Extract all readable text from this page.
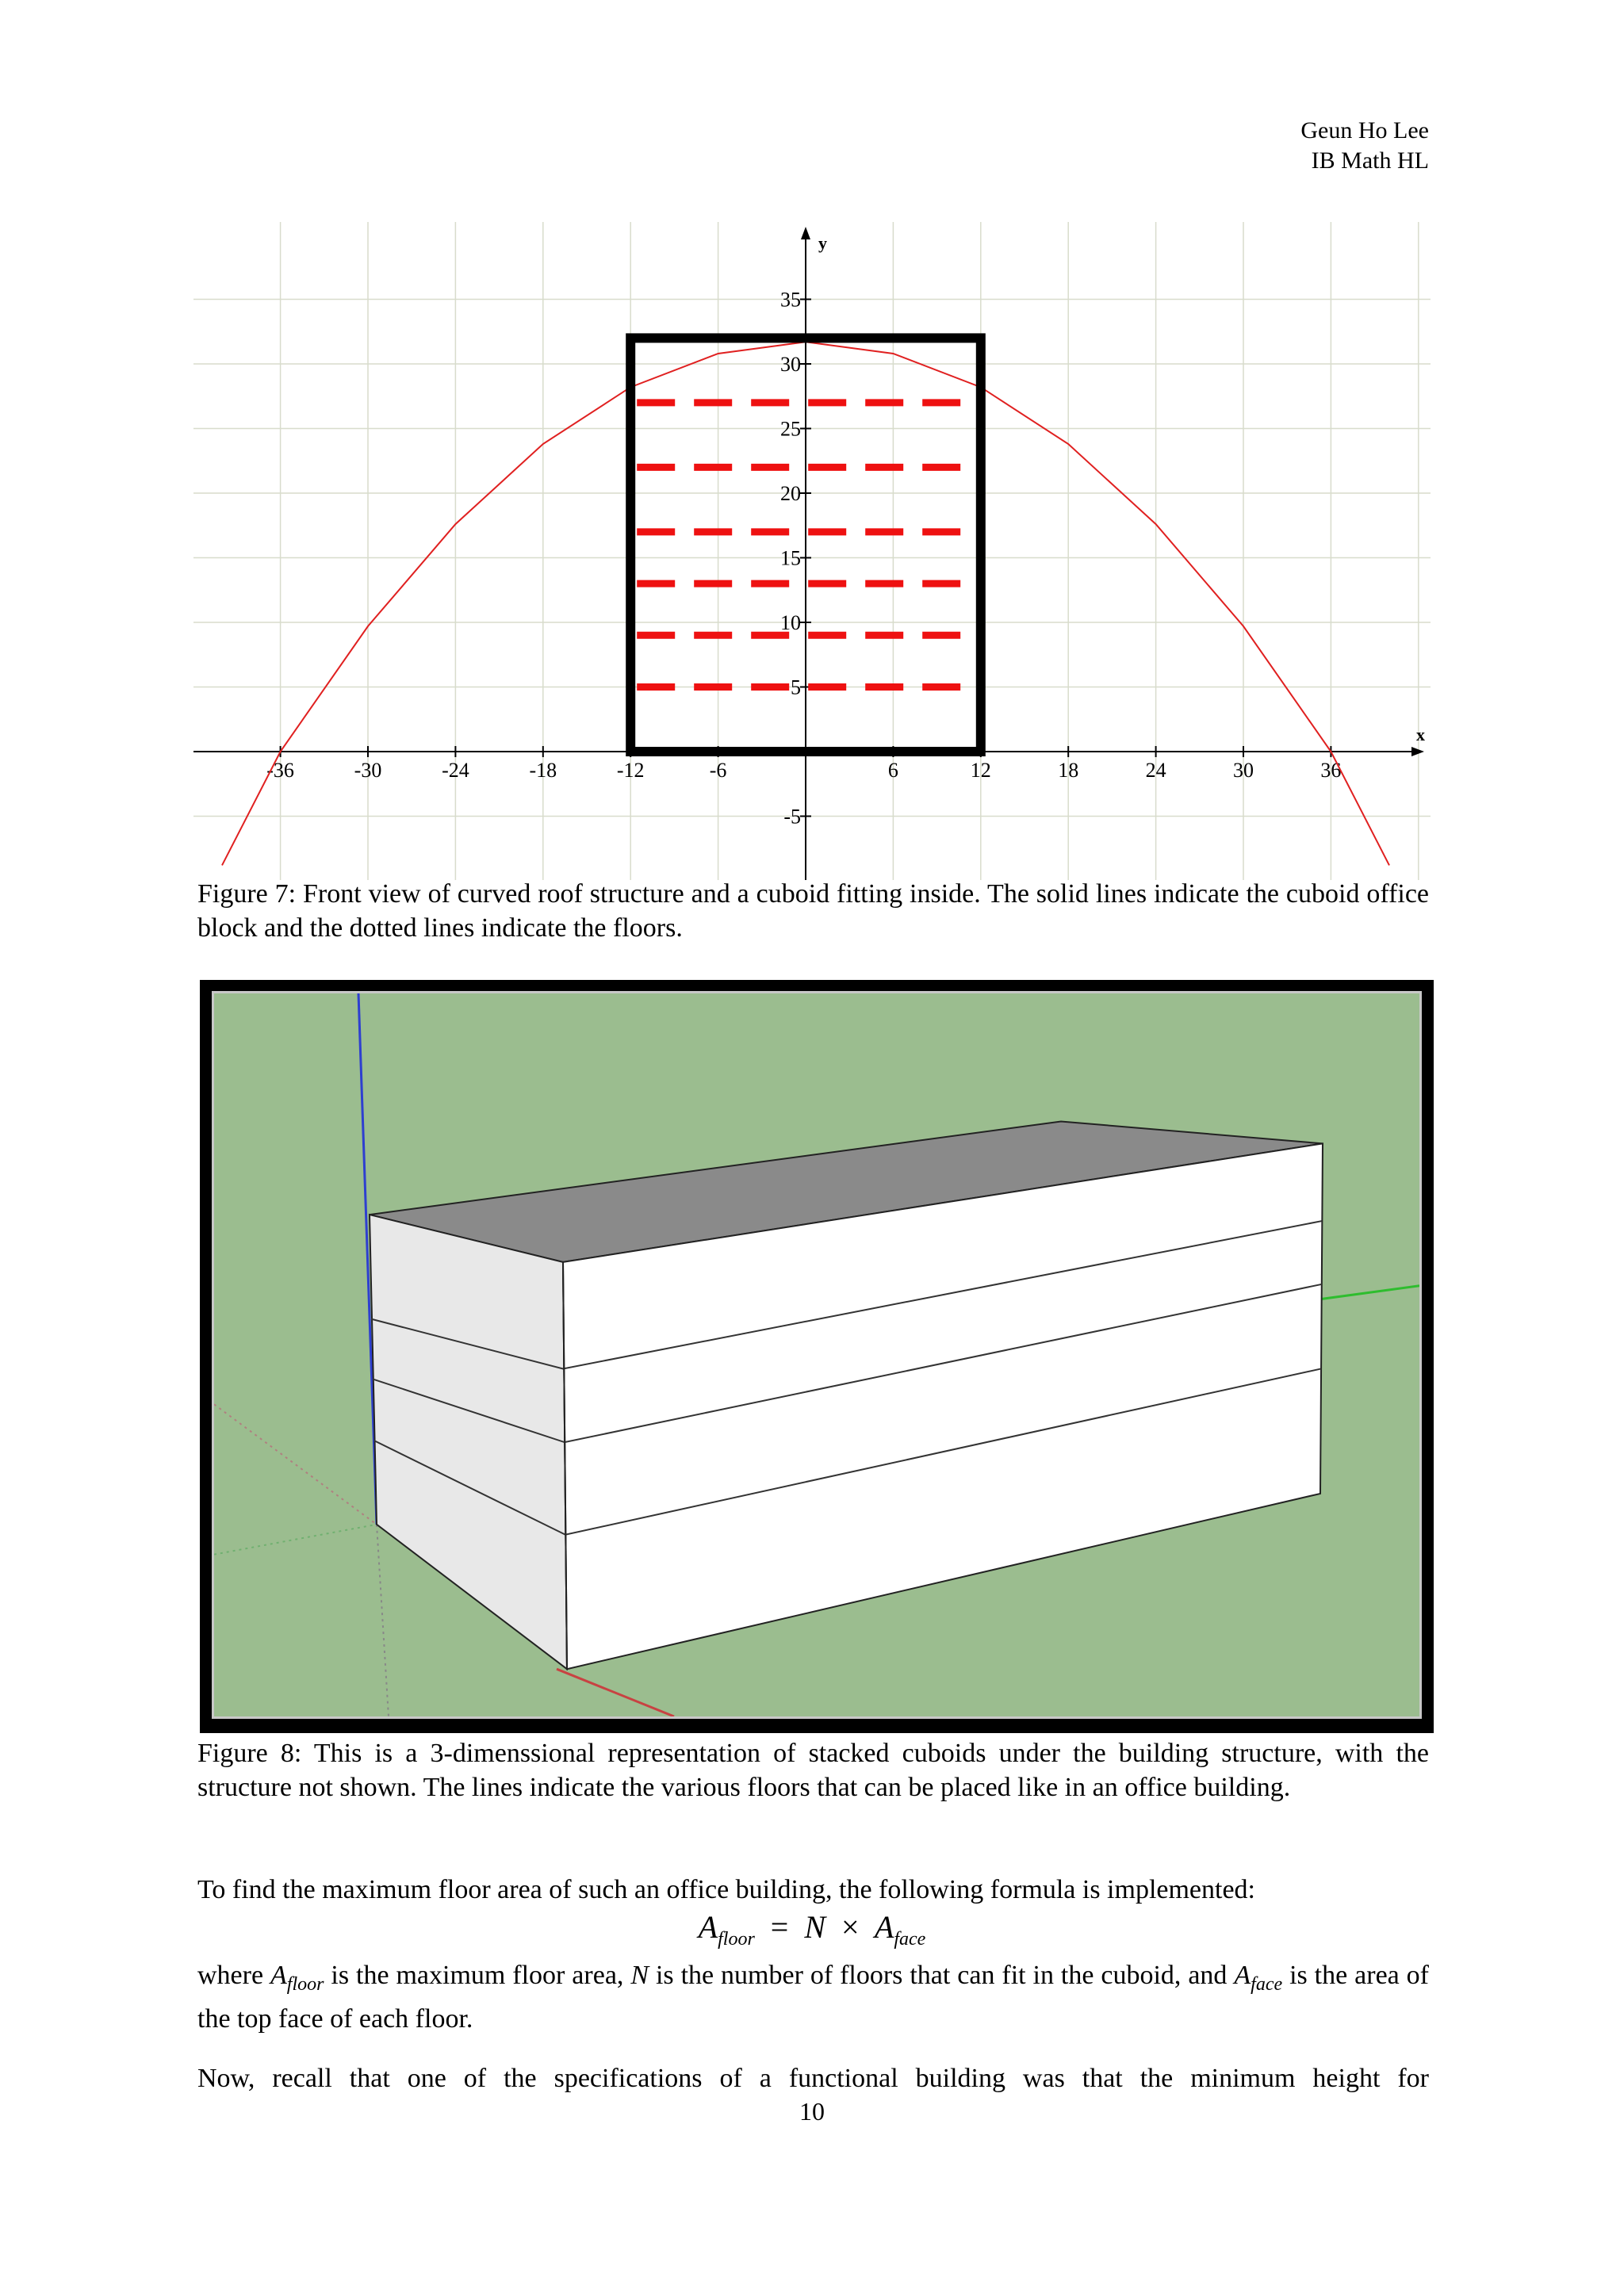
Geun Ho Lee
IB Math HL
x
y
-36	-30	-24	-18	-12	-6	6	12	18	24	30	36
-5
5
10
15
20
25
30
35
Figure 7: Front view of curved roof structure and a cuboid fitting inside. The solid lines indicate the cuboid office block and the dotted lines indicate the floors.
Figure 8: This is a 3-dimenssional representation of stacked cuboids under the building structure, with the structure not shown. The lines indicate the various floors that can be placed like in an office building.
To find the maximum floor area of such an office building, the following formula is implemented:
$A_{floor} = N \times A_{face}$
where $A_{floor}$ is the maximum floor area, N is the number of floors that can fit in the cuboid, and $A_{face}$ is the area of the top face of each floor.
Now, recall that one of the specifications of a functional building was that the minimum height for
10
